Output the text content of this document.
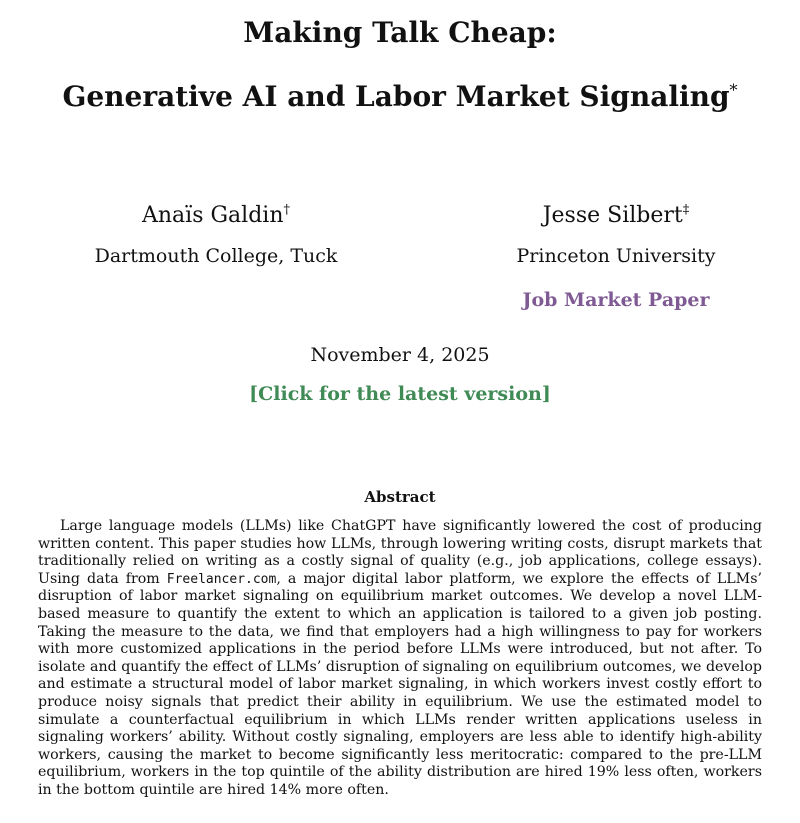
Making Talk Cheap:
Generative AI and Labor Market Signaling*

Anaïs Galdin†

Dartmouth College, Tuck

Jesse Silbert‡

Princeton University

Job Market Paper
November 4, 2025
[Click for the latest version]
Abstract

Large language models (LLMs) like ChatGPT have significantly lowered the cost of producing written content. This paper studies how LLMs, through lowering writing costs, disrupt markets that traditionally relied on writing as a costly signal of quality (e.g., job applications, college essays). Using data from Freelancer.com, a major digital labor platform, we explore the effects of LLMs’ disruption of labor market signaling on equilibrium market outcomes. We develop a novel LLM-based measure to quantify the extent to which an application is tailored to a given job posting. Taking the measure to the data, we find that employers had a high willingness to pay for workers with more customized applications in the period before LLMs were introduced, but not after. To isolate and quantify the effect of LLMs’ disruption of signaling on equilibrium outcomes, we develop and estimate a structural model of labor market signaling, in which workers invest costly effort to produce noisy signals that predict their ability in equilibrium. We use the estimated model to simulate a counterfactual equilibrium in which LLMs render written applications useless in signaling workers’ ability. Without costly signaling, employers are less able to identify high-ability workers, causing the market to become significantly less meritocratic: compared to the pre-LLM equilibrium, workers in the top quintile of the ability distribution are hired 19% less often, workers in the bottom quintile are hired 14% more often.
